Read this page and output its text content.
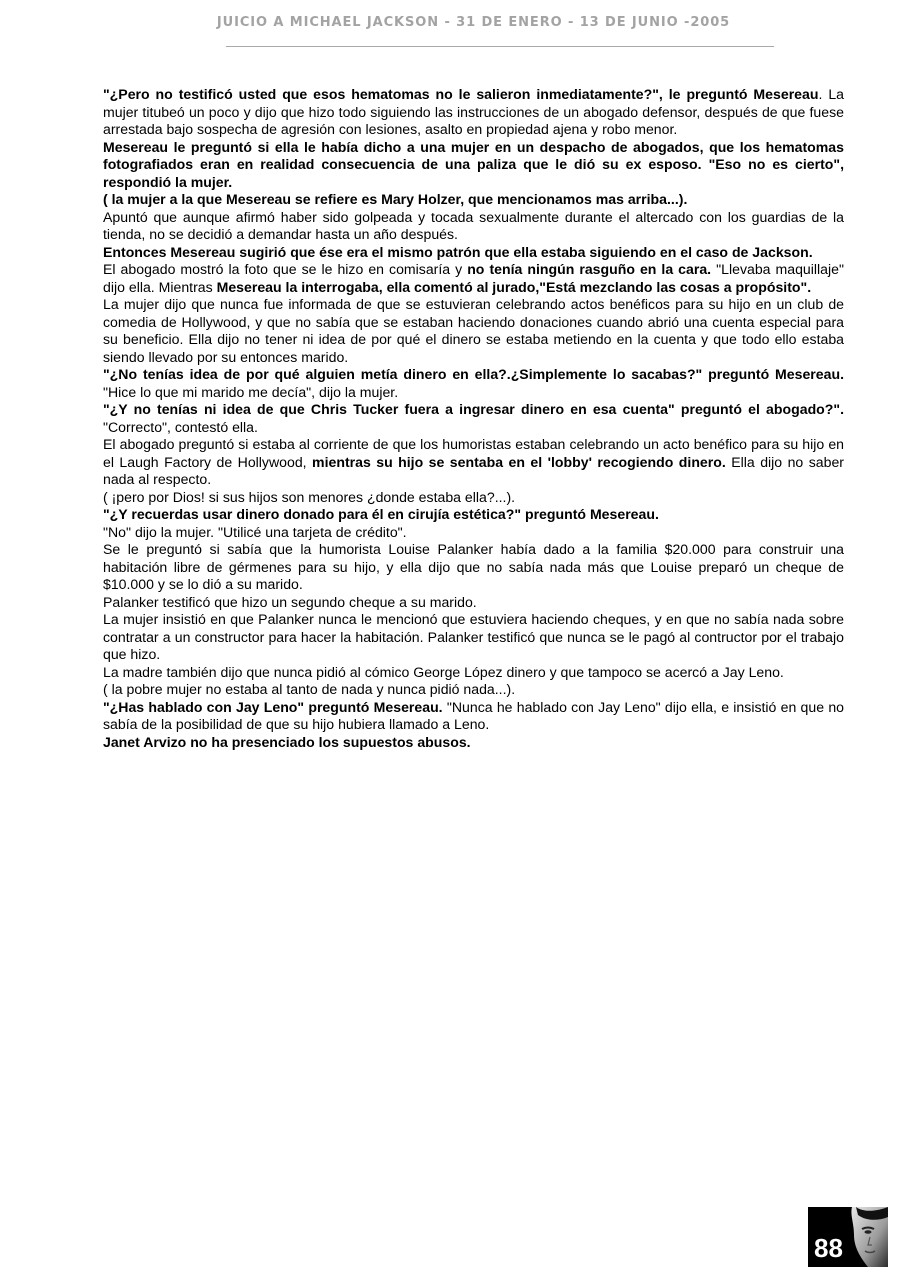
JUICIO A MICHAEL JACKSON - 31 DE ENERO - 13 DE JUNIO -2005

"¿Pero no testificó usted que esos hematomas no le salieron inmediatamente?", le preguntó Mesereau. La mujer titubeó un poco y dijo que hizo todo siguiendo las instrucciones de un abogado defensor, después de que fuese arrestada bajo sospecha de agresión con lesiones, asalto en propiedad ajena y robo menor.

Mesereau le preguntó si ella le había dicho a una mujer en un despacho de abogados, que los hematomas fotografiados eran en realidad consecuencia de una paliza que le dió su ex esposo. "Eso no es cierto", respondió la mujer.

( la mujer a la que Mesereau se refiere es Mary Holzer, que mencionamos mas arriba...).

Apuntó que aunque afirmó haber sido golpeada y tocada sexualmente durante el altercado con los guardias de la tienda, no se decidió a demandar hasta un año después.

Entonces Mesereau sugirió que ése era el mismo patrón que ella estaba siguiendo en el caso de Jackson.

El abogado mostró la foto que se le hizo en comisaría y no tenía ningún rasguño en la cara. "Llevaba maquillaje" dijo ella. Mientras Mesereau la interrogaba, ella comentó al jurado,"Está mezclando las cosas a propósito".

La mujer dijo que nunca fue informada de que se estuvieran celebrando actos benéficos para su hijo en un club de comedia de Hollywood, y que no sabía que se estaban haciendo donaciones cuando abrió una cuenta especial para su beneficio. Ella dijo no tener ni idea de por qué el dinero se estaba metiendo en la cuenta y que todo ello estaba siendo llevado por su entonces marido.

"¿No tenías idea de por qué alguien metía dinero en ella?.¿Simplemente lo sacabas?" preguntó Mesereau. "Hice lo que mi marido me decía", dijo la mujer.

"¿Y no tenías ni idea de que Chris Tucker fuera a ingresar dinero en esa cuenta" preguntó el abogado?". "Correcto", contestó ella.

El abogado preguntó si estaba al corriente de que los humoristas estaban celebrando un acto benéfico para su hijo en el Laugh Factory de Hollywood, mientras su hijo se sentaba en el 'lobby' recogiendo dinero. Ella dijo no saber nada al respecto.

( ¡pero por Dios! si sus hijos son menores ¿donde estaba ella?...).

"¿Y recuerdas usar dinero donado para él en cirujía estética?" preguntó Mesereau.

"No" dijo la mujer. "Utilicé una tarjeta de crédito".

Se le preguntó si sabía que la humorista Louise Palanker había dado a la familia $20.000 para construir una habitación libre de gérmenes para su hijo, y ella dijo que no sabía nada más que Louise preparó un cheque de $10.000 y se lo dió a su marido.

Palanker testificó que hizo un segundo cheque a su marido.

La mujer insistió en que Palanker nunca le mencionó que estuviera haciendo cheques, y en que no sabía nada sobre contratar a un constructor para hacer la habitación. Palanker testificó que nunca se le pagó al contructor por el trabajo que hizo.

La madre también dijo que nunca pidió al cómico George López dinero y que tampoco se acercó a Jay Leno.

( la pobre mujer no estaba al tanto de nada y nunca pidió nada...).

"¿Has hablado con Jay Leno" preguntó Mesereau. "Nunca he hablado con Jay Leno" dijo ella, e insistió en que no sabía de la posibilidad de que su hijo hubiera llamado a Leno.

Janet Arvizo no ha presenciado los supuestos abusos.

88
